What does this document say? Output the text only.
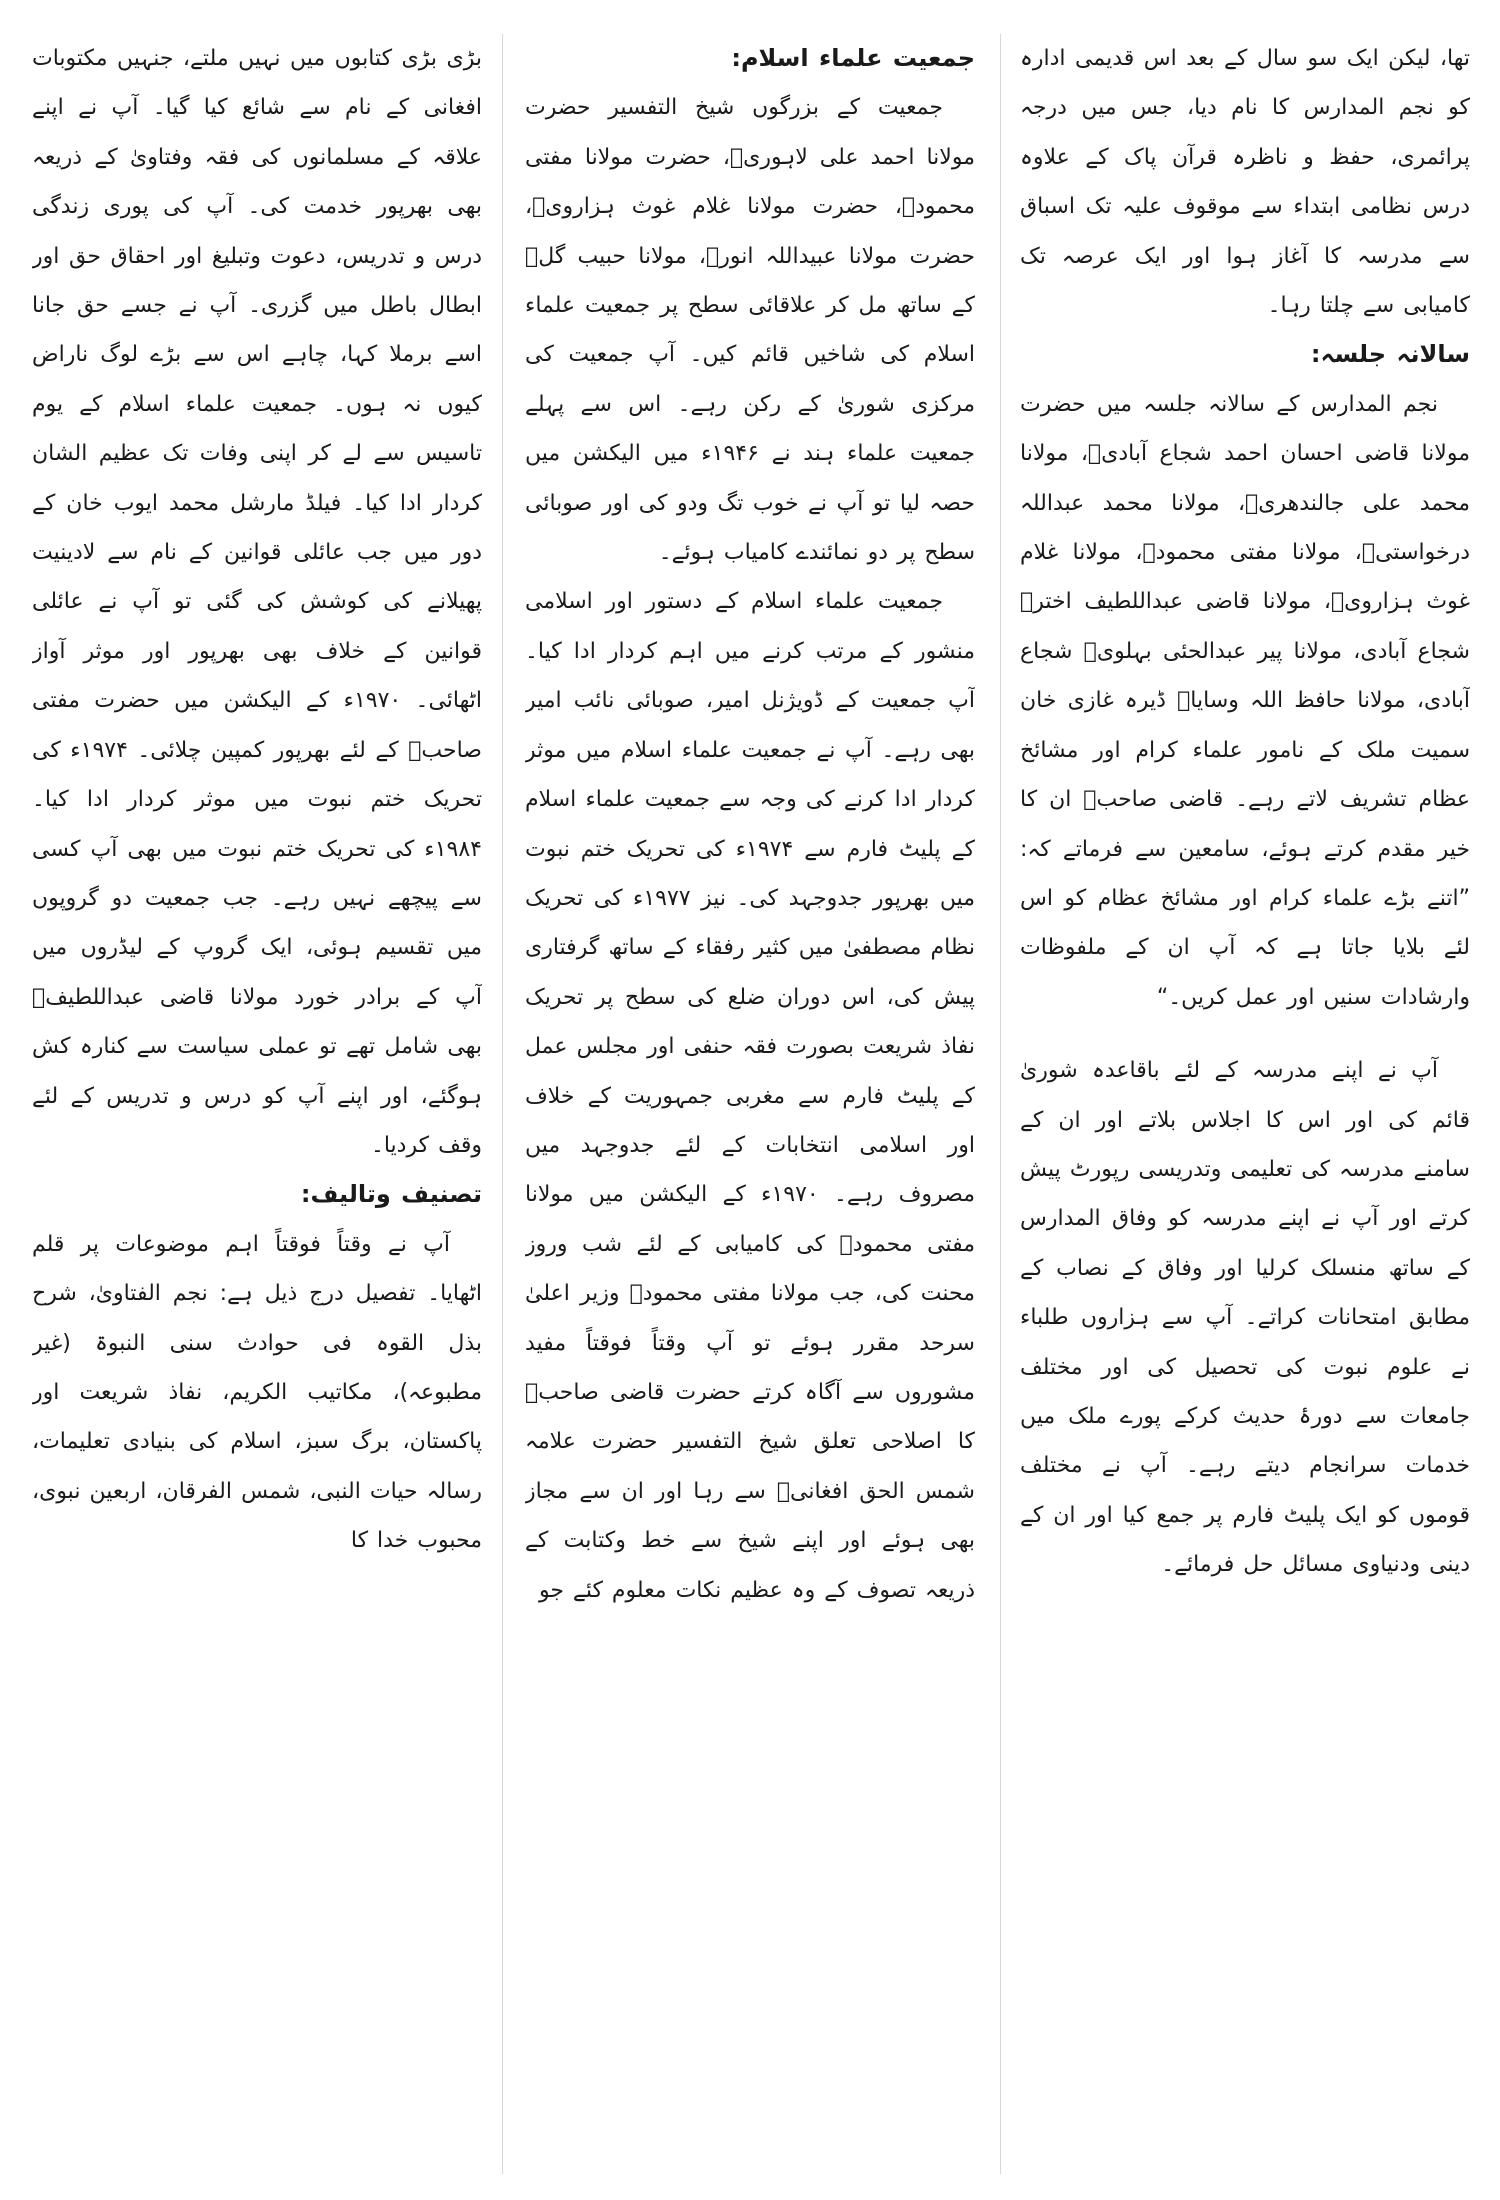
تھا، لیکن ایک سو سال کے بعد اس قدیمی ادارہ کو نجم المدارس کا نام دیا، جس میں درجہ پرائمری، حفظ و ناظرہ قرآن پاک کے علاوہ درس نظامی ابتداء سے موقوف علیہ تک اسباق سے مدرسہ کا آغاز ہوا اور ایک عرصہ تک کامیابی سے چلتا رہا۔

سالانہ جلسہ:

نجم المدارس کے سالانہ جلسہ میں حضرت مولانا قاضی احسان احمد شجاع آبادیؒ، مولانا محمد علی جالندھریؒ، مولانا محمد عبداللہ درخواستیؒ، مولانا مفتی محمودؒ، مولانا غلام غوث ہزارویؒ، مولانا قاضی عبداللطیف اخترؒ شجاع آبادی، مولانا پیر عبدالحئی بہلویؒ شجاع آبادی، مولانا حافظ اللہ وسایاؒ ڈیرہ غازی خان سمیت ملک کے نامور علماء کرام اور مشائخ عظام تشریف لاتے رہے۔ قاضی صاحبؒ ان کا خیر مقدم کرتے ہوئے، سامعین سے فرماتے کہ: ”اتنے بڑے علماء کرام اور مشائخ عظام کو اس لئے بلایا جاتا ہے کہ آپ ان کے ملفوظات وارشادات سنیں اور عمل کریں۔“

آپ نے اپنے مدرسہ کے لئے باقاعدہ شوریٰ قائم کی اور اس کا اجلاس بلاتے اور ان کے سامنے مدرسہ کی تعلیمی وتدریسی رپورٹ پیش کرتے اور آپ نے اپنے مدرسہ کو وفاق المدارس کے ساتھ منسلک کرلیا اور وفاق کے نصاب کے مطابق امتحانات کراتے۔ آپ سے ہزاروں طلباء نے علوم نبوت کی تحصیل کی اور مختلف جامعات سے دورۂ حدیث کرکے پورے ملک میں خدمات سرانجام دیتے رہے۔ آپ نے مختلف قوموں کو ایک پلیٹ فارم پر جمع کیا اور ان کے دینی ودنیاوی مسائل حل فرمائے۔

جمعیت علماء اسلام:

جمعیت کے بزرگوں شیخ التفسیر حضرت مولانا احمد علی لاہوریؒ، حضرت مولانا مفتی محمودؒ، حضرت مولانا غلام غوث ہزارویؒ، حضرت مولانا عبیداللہ انورؒ، مولانا حبیب گلؒ کے ساتھ مل کر علاقائی سطح پر جمعیت علماء اسلام کی شاخیں قائم کیں۔ آپ جمعیت کی مرکزی شوریٰ کے رکن رہے۔ اس سے پہلے جمعیت علماء ہند نے ۱۹۴۶ء میں الیکشن میں حصہ لیا تو آپ نے خوب تگ ودو کی اور صوبائی سطح پر دو نمائندے کامیاب ہوئے۔

جمعیت علماء اسلام کے دستور اور اسلامی منشور کے مرتب کرنے میں اہم کردار ادا کیا۔ آپ جمعیت کے ڈویژنل امیر، صوبائی نائب امیر بھی رہے۔ آپ نے جمعیت علماء اسلام میں موثر کردار ادا کرنے کی وجہ سے جمعیت علماء اسلام کے پلیٹ فارم سے ۱۹۷۴ء کی تحریک ختم نبوت میں بھرپور جدوجہد کی۔ نیز ۱۹۷۷ء کی تحریک نظام مصطفیٰ میں کثیر رفقاء کے ساتھ گرفتاری پیش کی، اس دوران ضلع کی سطح پر تحریک نفاذ شریعت بصورت فقہ حنفی اور مجلس عمل کے پلیٹ فارم سے مغربی جمہوریت کے خلاف اور اسلامی انتخابات کے لئے جدوجہد میں مصروف رہے۔ ۱۹۷۰ء کے الیکشن میں مولانا مفتی محمودؒ کی کامیابی کے لئے شب وروز محنت کی، جب مولانا مفتی محمودؒ وزیر اعلیٰ سرحد مقرر ہوئے تو آپ وقتاً فوقتاً مفید مشوروں سے آگاہ کرتے حضرت قاضی صاحبؒ کا اصلاحی تعلق شیخ التفسیر حضرت علامہ شمس الحق افغانیؒ سے رہا اور ان سے مجاز بھی ہوئے اور اپنے شیخ سے خط وکتابت کے ذریعہ تصوف کے وہ عظیم نکات معلوم کئے جو

بڑی بڑی کتابوں میں نہیں ملتے، جنہیں مکتوبات افغانی کے نام سے شائع کیا گیا۔ آپ نے اپنے علاقہ کے مسلمانوں کی فقہ وفتاویٰ کے ذریعہ بھی بھرپور خدمت کی۔ آپ کی پوری زندگی درس و تدریس، دعوت وتبلیغ اور احقاق حق اور ابطال باطل میں گزری۔ آپ نے جسے حق جانا اسے برملا کہا، چاہے اس سے بڑے لوگ ناراض کیوں نہ ہوں۔ جمعیت علماء اسلام کے یوم تاسیس سے لے کر اپنی وفات تک عظیم الشان کردار ادا کیا۔ فیلڈ مارشل محمد ایوب خان کے دور میں جب عائلی قوانین کے نام سے لادینیت پھیلانے کی کوشش کی گئی تو آپ نے عائلی قوانین کے خلاف بھی بھرپور اور موثر آواز اٹھائی۔ ۱۹۷۰ء کے الیکشن میں حضرت مفتی صاحبؒ کے لئے بھرپور کمپین چلائی۔ ۱۹۷۴ء کی تحریک ختم نبوت میں موثر کردار ادا کیا۔ ۱۹۸۴ء کی تحریک ختم نبوت میں بھی آپ کسی سے پیچھے نہیں رہے۔ جب جمعیت دو گروپوں میں تقسیم ہوئی، ایک گروپ کے لیڈروں میں آپ کے برادر خورد مولانا قاضی عبداللطیفؒ بھی شامل تھے تو عملی سیاست سے کنارہ کش ہوگئے، اور اپنے آپ کو درس و تدریس کے لئے وقف کردیا۔

تصنیف وتالیف:

آپ نے وقتاً فوقتاً اہم موضوعات پر قلم اٹھایا۔ تفصیل درج ذیل ہے: نجم الفتاویٰ، شرح بذل القوہ فی حوادث سنی النبوۃ (غیر مطبوعہ)، مکاتیب الکریم، نفاذ شریعت اور پاکستان، برگ سبز، اسلام کی بنیادی تعلیمات، رسالہ حیات النبی، شمس الفرقان، اربعین نبوی، محبوب خدا کا
